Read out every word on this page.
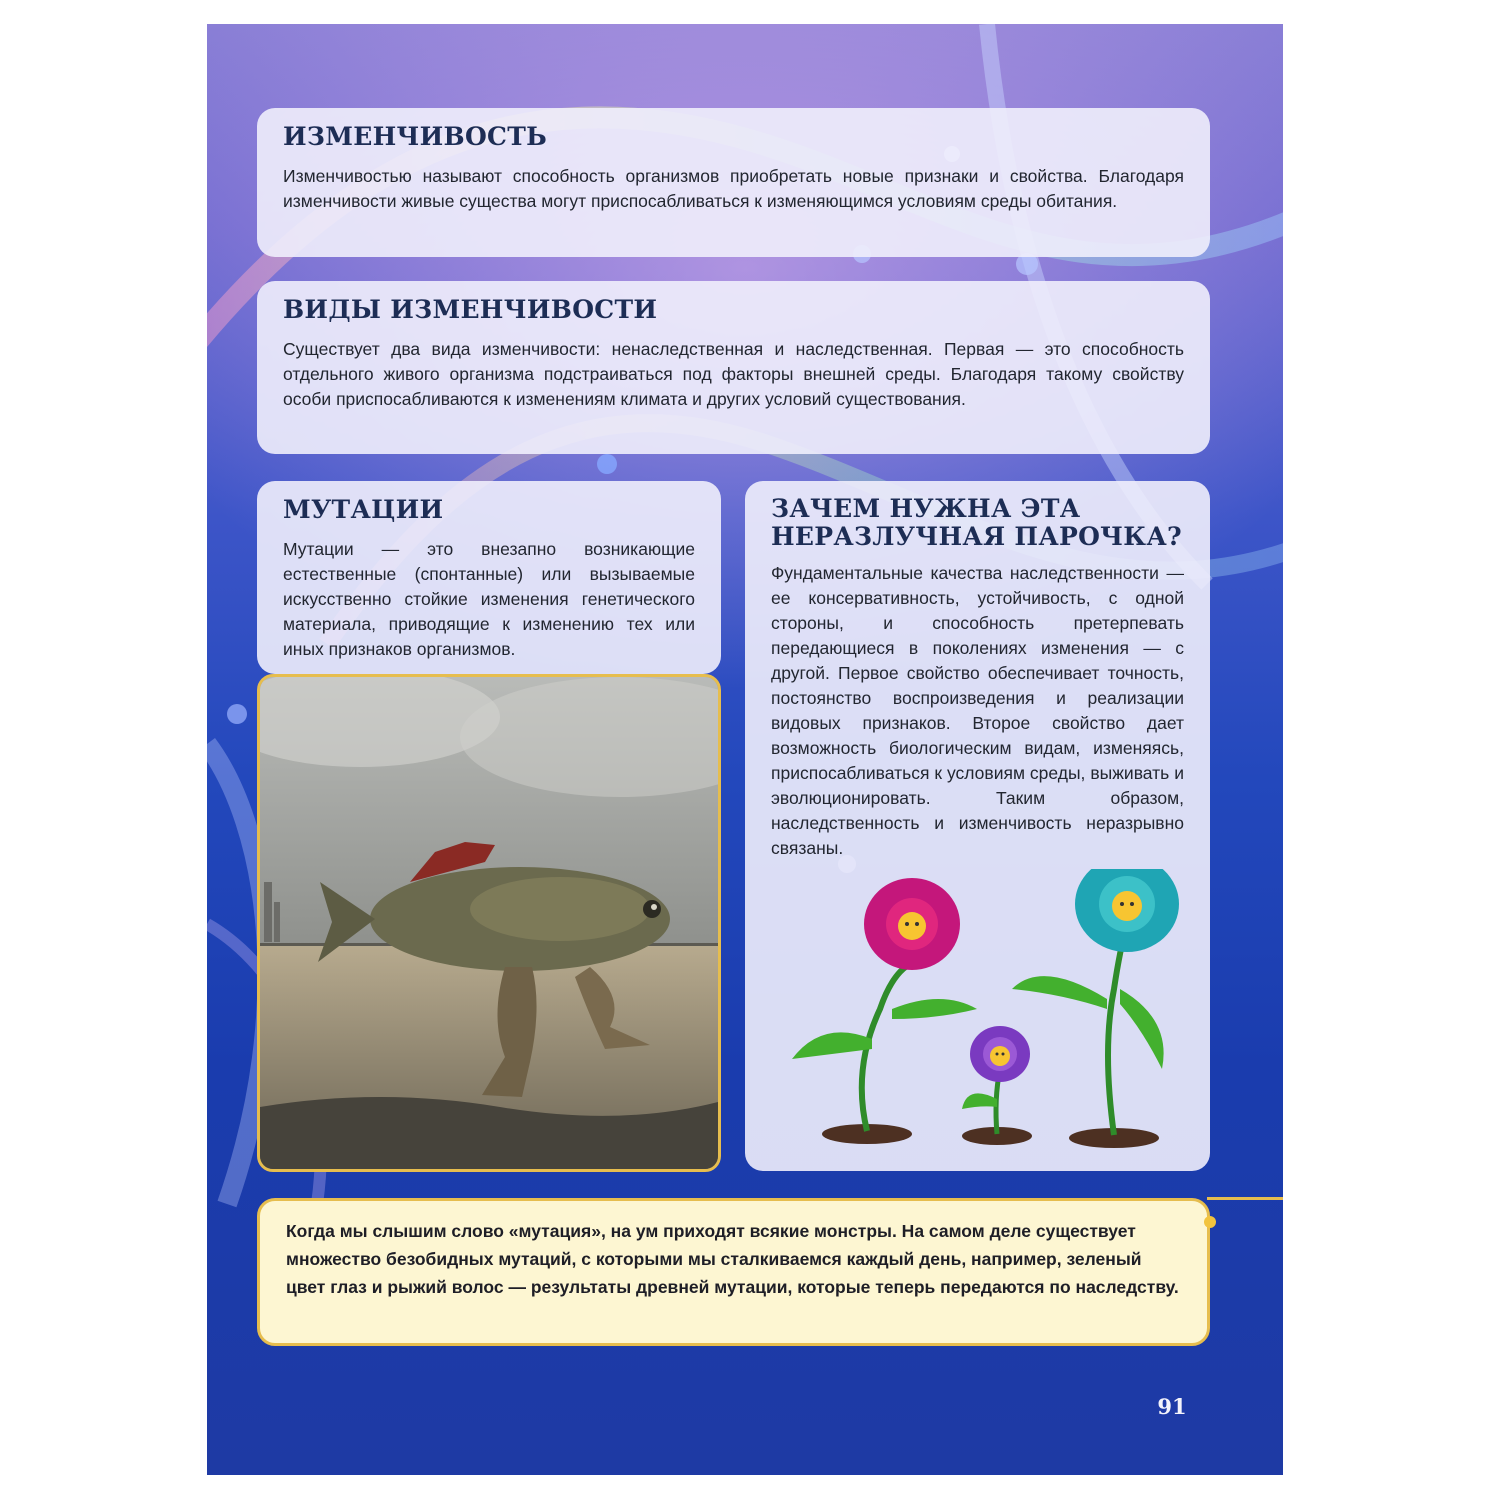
ИЗМЕНЧИВОСТЬ

Изменчивостью называют способность организмов приобретать новые признаки и свойства. Благодаря изменчивости живые существа могут приспосабливаться к изменяющимся условиям среды обитания.

ВИДЫ ИЗМЕНЧИВОСТИ

Существует два вида изменчивости: ненаследственная и наследственная. Первая — это способность отдельного живого организма подстраиваться под факторы внешней среды. Благодаря такому свойству особи приспосабливаются к изменениям климата и других условий существования.

МУТАЦИИ

Мутации — это внезапно возникающие естественные (спонтанные) или вызываемые искусственно стойкие изменения генетического материала, приводящие к изменению тех или иных признаков организмов.

ЗАЧЕМ НУЖНА ЭТА НЕРАЗЛУЧНАЯ ПАРОЧКА?

Фундаментальные качества наследственности — ее консервативность, устойчивость, с одной стороны, и способность претерпевать передающиеся в поколениях изменения — с другой. Первое свойство обеспечивает точность, постоянство воспроизведения и реализации видовых признаков. Второе свойство дает возможность биологическим видам, изменяясь, приспосабливаться к условиям среды, выживать и эволюционировать. Таким образом, наследственность и изменчивость неразрывно связаны.

Когда мы слышим слово «мутация», на ум приходят всякие монстры. На самом деле существует множество безобидных мутаций, с которыми мы сталкиваемся каждый день, например, зеленый цвет глаз и рыжий волос — результаты древней мутации, которые теперь передаются по наследству.

91
